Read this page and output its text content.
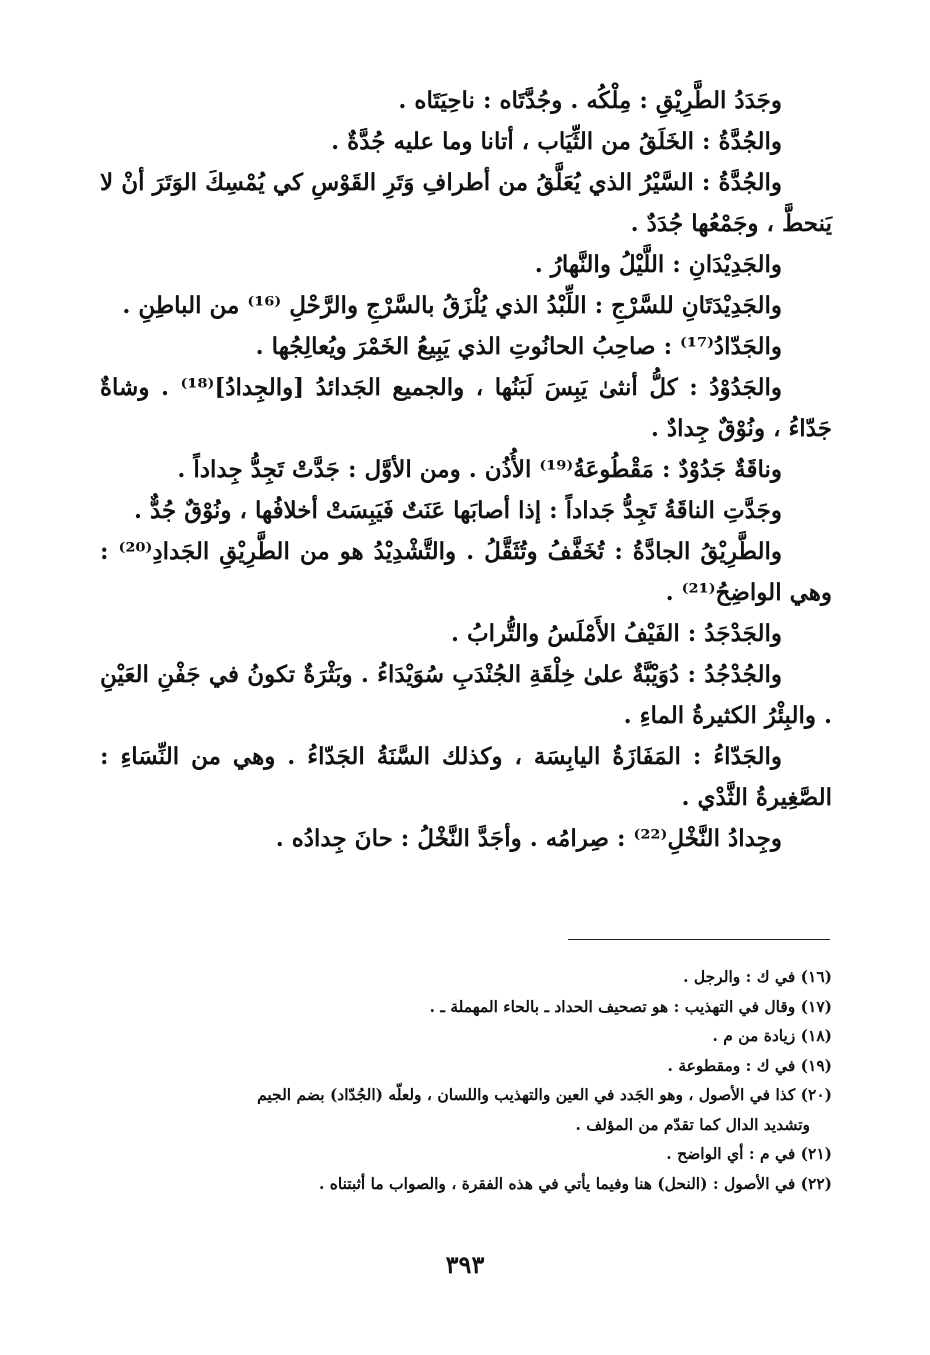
وجَدَدُ الطَّرِيْقِ : مِلْكُه . وجُدَّتَاه : ناحِيَتَاه .

والجُدَّةُ : الخَلَقُ من الثِّيَاب ، أتانا وما عليه جُدَّةٌ .

والجُدَّةُ : السَّيْرُ الذي يُعَلَّقُ من أطرافِ وَتَرِ القَوْسِ كي يُمْسِكَ الوَتَرَ أنْ لا يَنحطَّ ، وجَمْعُها جُدَدٌ .

والجَدِيْدَانِ : اللَّيْلُ والنَّهارُ .

والجَدِيْدَتَانِ للسَّرْجِ : اللِّبْدُ الذي يُلْزَقُ بالسَّرْجِ والرَّحْلِ ⁽¹⁶⁾ من الباطِنِ .

والجَدّادُ⁽¹⁷⁾ : صاحِبُ الحانُوتِ الذي يَبِيعُ الخَمْرَ ويُعالِجُها .

والجَدُوْدُ : كلُّ أنثىٰ يَبِسَ لَبَنُها ، والجميع الجَدائدُ [والجِدادُ]⁽¹⁸⁾ . وشاةٌ جَدّاءُ ، ونُوْقٌ جِدادٌ .

وناقَةٌ جَدُوْدٌ : مَقْطُوعَةُ⁽¹⁹⁾ الأُذُن . ومن الأوَّل : جَدَّتْ تَجِدُّ جِداداً .

وجَدَّتِ الناقَةُ تَجِدُّ جَداداً : إذا أصابَها عَنَتٌ فَيَبِسَتْ أخلافُها ، ونُوْقٌ جُدٌّ .

والطَّرِيْقُ الجادَّةُ : تُخَفَّفُ وتُثَقَّلُ . والتَّشْدِيْدُ هو من الطَّرِيْقِ الجَدادِ⁽²⁰⁾ : وهي الواضِحُ⁽²¹⁾ .

والجَدْجَدُ : الفَيْفُ الأَمْلَسُ والتُّرابُ .

والجُدْجُدُ : دُوَيْبَّةٌ علىٰ خِلْقَةِ الجُنْدَبِ سُوَيْدَاءُ . وبَثْرَةٌ تكونُ في جَفْنِ العَيْنِ . والبِئْرُ الكثيرةُ الماءِ .

والجَدّاءُ : المَفَازَةُ اليابِسَة ، وكذلك السَّنَةُ الجَدّاءُ . وهي من النِّسَاءِ : الصَّغِيرةُ الثَّدْي .

وجِدادُ النَّخْلِ⁽²²⁾ : صِرامُه . وأجَدَّ النَّخْلُ : حانَ جِدادُه .

(١٦) في ك : والرجل .

(١٧) وقال في التهذيب : هو تصحيف الحداد ـ بالحاء المهملة ـ .

(١٨) زيادة من م .

(١٩) في ك : ومقطوعة .

(٢٠) كذا في الأصول ، وهو الجَدد في العين والتهذيب واللسان ، ولعلّه (الجُدّاد) بضم الجيم

وتشديد الدال كما تقدّم من المؤلف .

(٢١) في م : أي الواضح .

(٢٢) في الأصول : (النحل) هنا وفيما يأتي في هذه الفقرة ، والصواب ما أثبتناه .

٣٩٣
